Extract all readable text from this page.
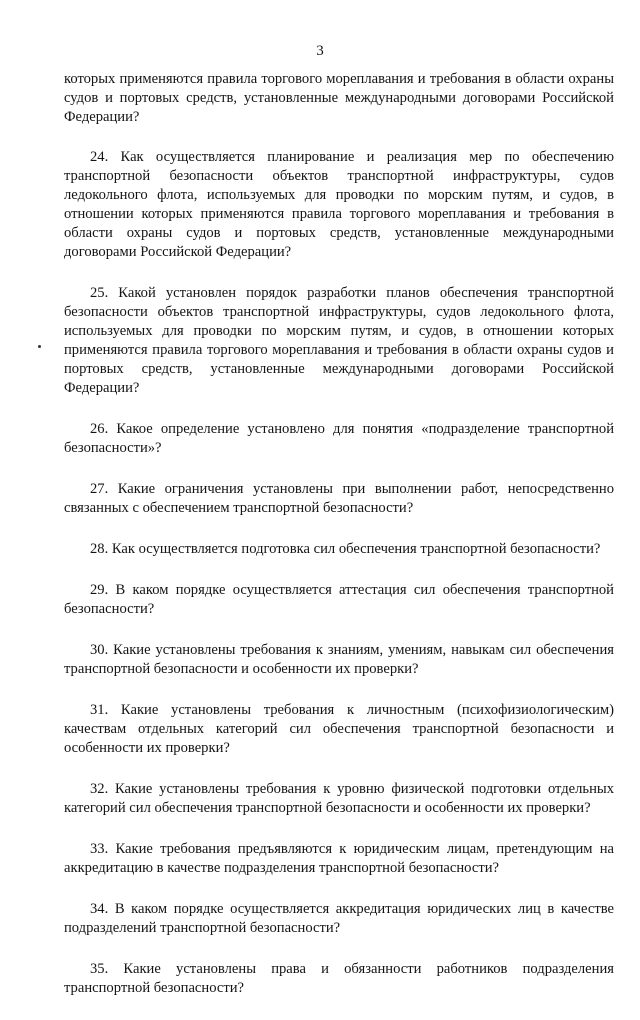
3

которых применяются правила торгового мореплавания и требования в области охраны судов и портовых средств, установленные международными договорами Российской Федерации?

24. Как осуществляется планирование и реализация мер по обеспечению транспортной безопасности объектов транспортной инфраструктуры, судов ледокольного флота, используемых для проводки по морским путям, и судов, в отношении которых применяются правила торгового мореплавания и требования в области охраны судов и портовых средств, установленные международными договорами Российской Федерации?

25. Какой установлен порядок разработки планов обеспечения транспортной безопасности объектов транспортной инфраструктуры, судов ледокольного флота, используемых для проводки по морским путям, и судов, в отношении которых применяются правила торгового мореплавания и требования в области охраны судов и портовых средств, установленные международными договорами Российской Федерации?

26. Какое определение установлено для понятия «подразделение транспортной безопасности»?

27. Какие ограничения установлены при выполнении работ, непосредственно связанных с обеспечением транспортной безопасности?

28. Как осуществляется подготовка сил обеспечения транспортной безопасности?

29. В каком порядке осуществляется аттестация сил обеспечения транспортной безопасности?

30. Какие установлены требования к знаниям, умениям, навыкам сил обеспечения транспортной безопасности и особенности их проверки?

31. Какие установлены требования к личностным (психофизиологическим) качествам отдельных категорий сил обеспечения транспортной безопасности и особенности их проверки?

32. Какие установлены требования к уровню физической подготовки отдельных категорий сил обеспечения транспортной безопасности и особенности их проверки?

33. Какие требования предъявляются к юридическим лицам, претендующим на аккредитацию в качестве подразделения транспортной безопасности?

34. В каком порядке осуществляется аккредитация юридических лиц в качестве подразделений транспортной безопасности?

35. Какие установлены права и обязанности работников подразделения транспортной безопасности?
